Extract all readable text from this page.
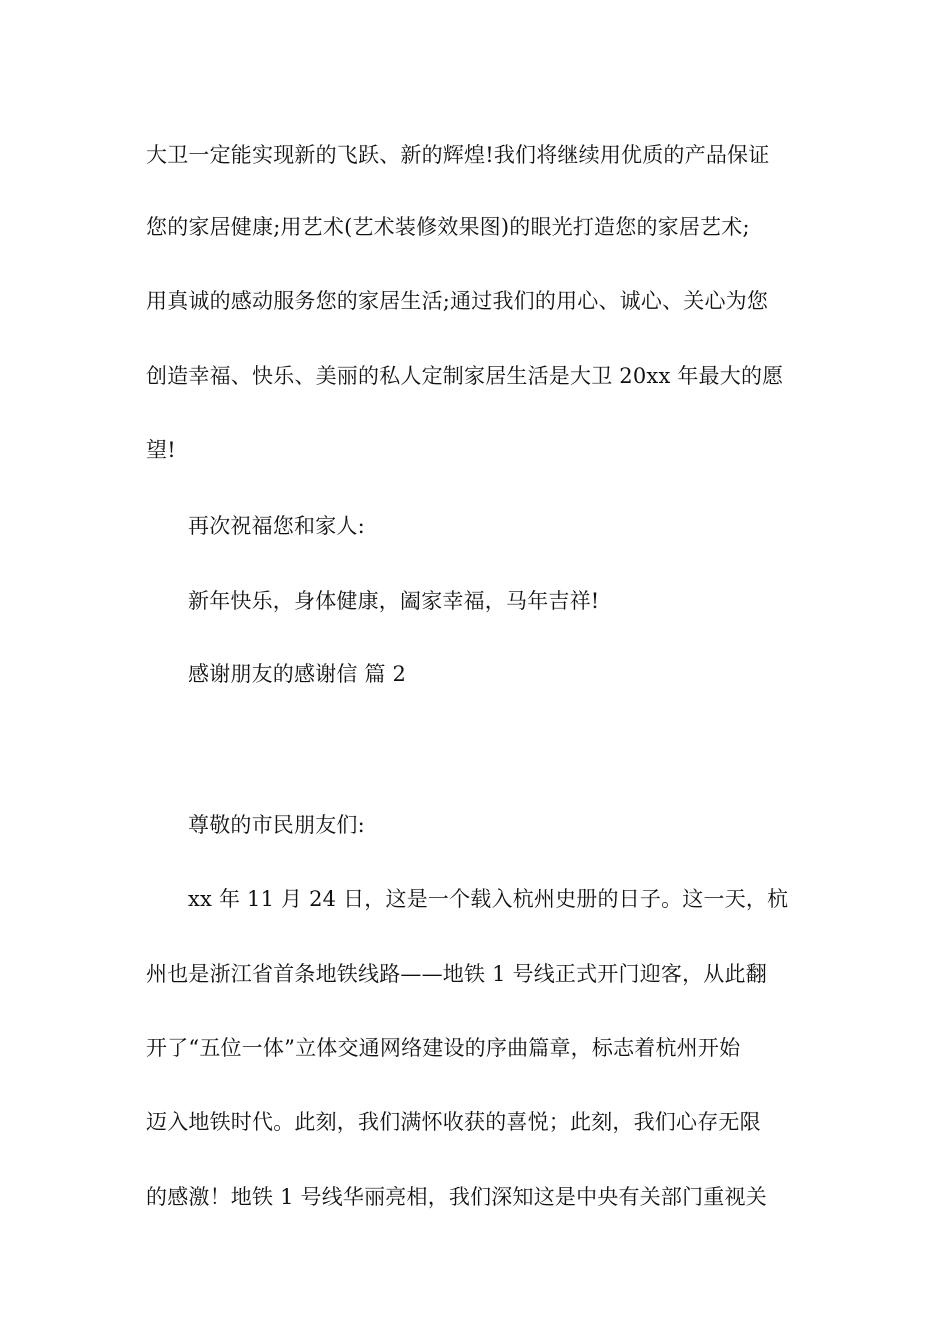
大卫一定能实现新的飞跃、新的辉煌!我们将继续用优质的产品保证
您的家居健康;用艺术(艺术装修效果图)的眼光打造您的家居艺术;
用真诚的感动服务您的家居生活;通过我们的用心、诚心、关心为您
创造幸福、快乐、美丽的私人定制家居生活是大卫 20xx 年最大的愿
望!
再次祝福您和家人:
新年快乐，身体健康，阖家幸福，马年吉祥!
感谢朋友的感谢信 篇 2
尊敬的市民朋友们:
xx 年 11 月 24 日，这是一个载入杭州史册的日子。这一天，杭
州也是浙江省首条地铁线路——地铁 1 号线正式开门迎客，从此翻
开了“五位一体”立体交通网络建设的序曲篇章，标志着杭州开始
迈入地铁时代。此刻，我们满怀收获的喜悦；此刻，我们心存无限
的感激！地铁 1 号线华丽亮相，我们深知这是中央有关部门重视关
